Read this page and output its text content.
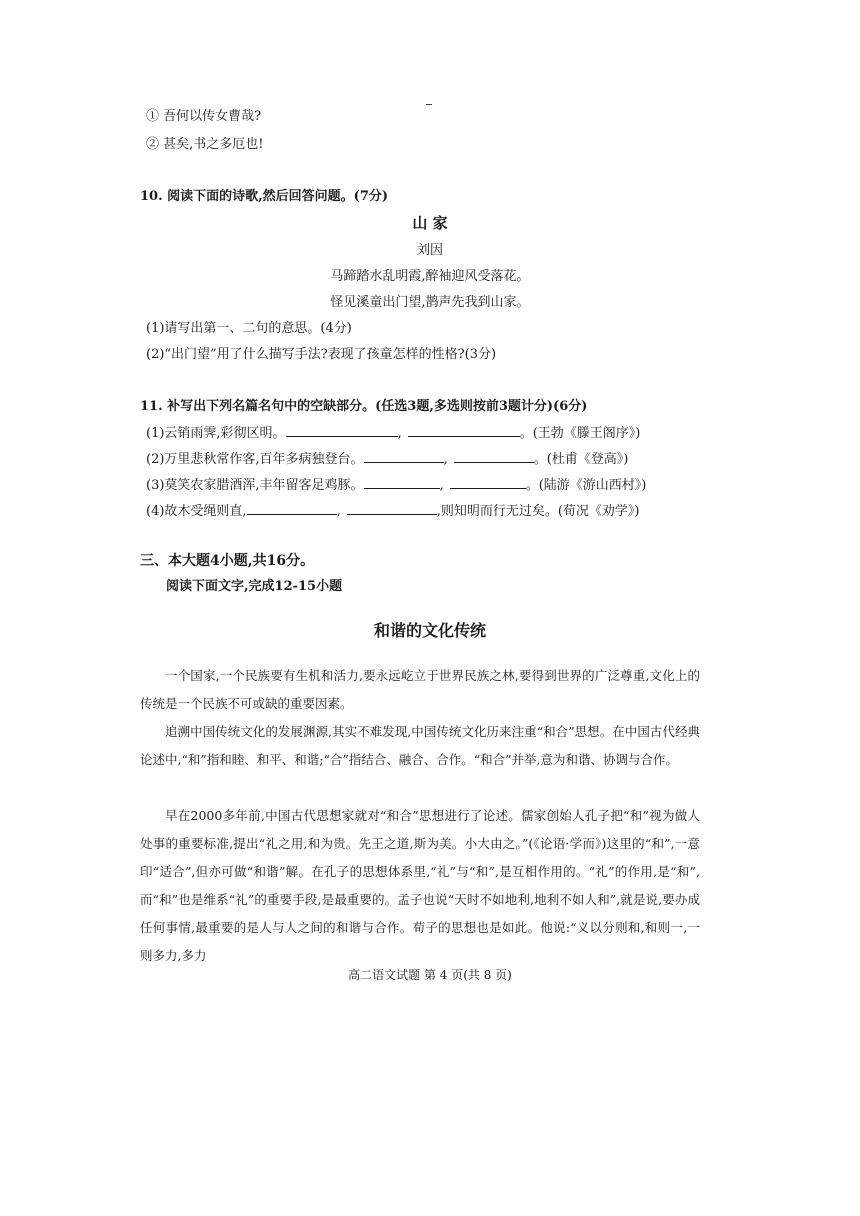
① 吾何以传女曹哉?
② 甚矣,书之多厄也!
10. 阅读下面的诗歌,然后回答问题。(7分)
山 家
刘因
马蹄踏水乱明霞,醉袖迎风受落花。
怪见溪童出门望,鹊声先我到山家。
(1)请写出第一、二句的意思。(4分)
(2)“出门望”用了什么描写手法?表现了孩童怎样的性格?(3分)
11. 补写出下列名篇名句中的空缺部分。(任选3题,多选则按前3题计分)(6分)
(1)云销雨霁,彩彻区明。	,	。(王勃《滕王阁序》)
(2)万里悲秋常作客,百年多病独登台。	,	。(杜甫《登高》)
(3)莫笑农家腊酒浑,丰年留客足鸡豚。	,	。(陆游《游山西村》)
(4)故木受绳则直,	,	,则知明而行无过矣。(荀况《劝学》)
三、本大题4小题,共16分。
阅读下面文字,完成12-15小题
和谐的文化传统
一个国家,一个民族要有生机和活力,要永远屹立于世界民族之林,要得到世界的广泛尊重,文化上的传统是一个民族不可或缺的重要因素。
追溯中国传统文化的发展渊源,其实不难发现,中国传统文化历来注重“和合”思想。在中国古代经典论述中,“和”指和睦、和平、和谐;“合”指结合、融合、合作。“和合”并举,意为和谐、协调与合作。
早在2000多年前,中国古代思想家就对“和合”思想进行了论述。儒家创始人孔子把“和”视为做人处事的重要标准,提出“礼之用,和为贵。先王之道,斯为美。小大由之。”(《论语·学而》)这里的“和”,一意印“适合”,但亦可做“和谐”解。在孔子的思想体系里,“礼”与“和”,是互相作用的。“礼”的作用,是“和”,而“和”也是维系“礼”的重要手段,是最重要的。孟子也说“天时不如地利,地利不如人和”,就是说,要办成任何事情,最重要的是人与人之间的和谐与合作。荀子的思想也是如此。他说:“义以分则和,和则一,一则多力,多力
高二语文试题 第 4 页(共 8 页)
